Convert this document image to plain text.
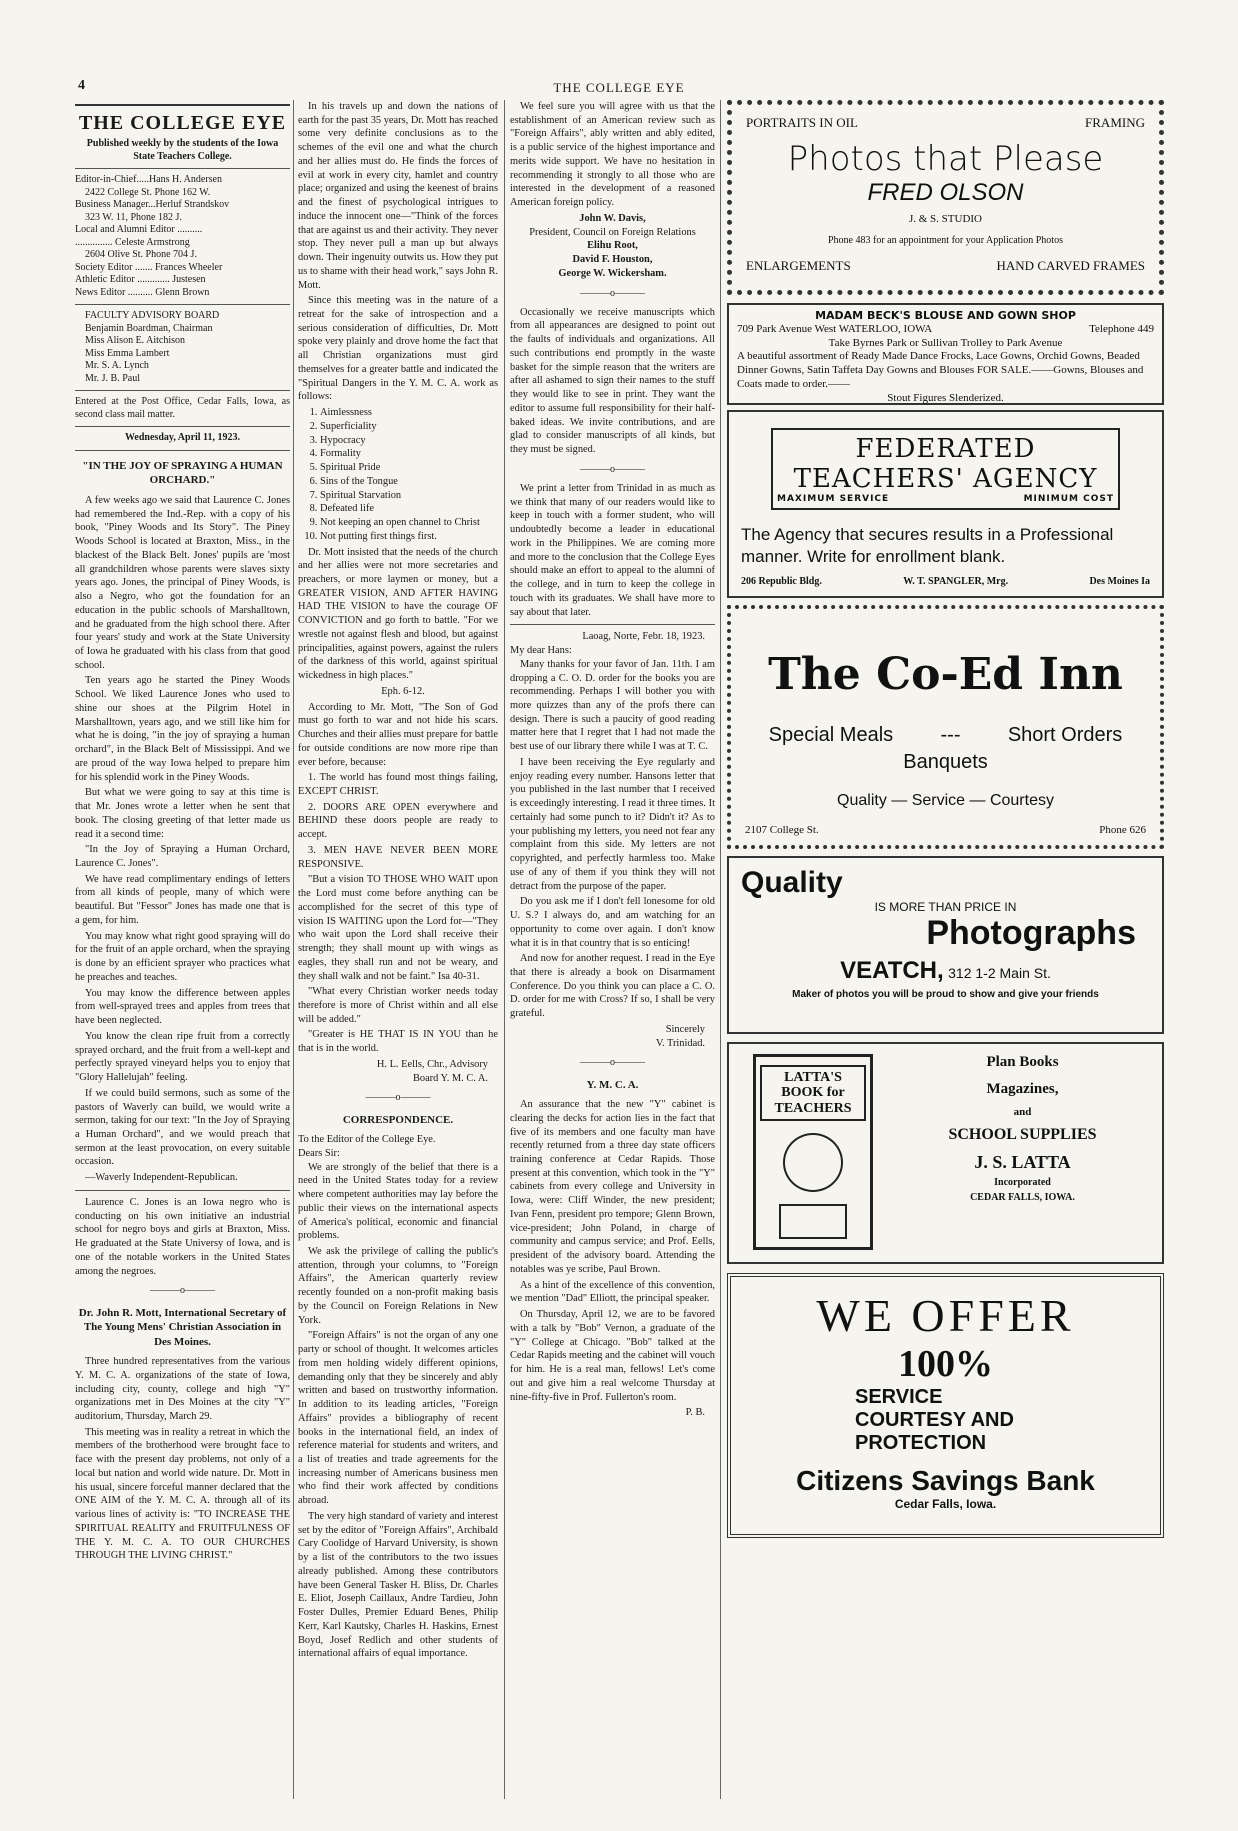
4	THE COLLEGE EYE
THE COLLEGE EYE
Published weekly by the students of the Iowa State Teachers College.
Editor-in-Chief.....Hans H. Andersen
2422 College St. Phone 162 W.
Business Manager...Herluf Strandskov
323 W. 11, Phone 182 J.
Local and Alumni Editor ..........
............... Celeste Armstrong
2604 Olive St. Phone 704 J.
Society Editor ....... Frances Wheeler
Athletic Editor ............. Justesen
News Editor .......... Glenn Brown
FACULTY ADVISORY BOARD
Benjamin Boardman, Chairman
Miss Alison E. Aitchison
Miss Emma Lambert
Mr. S. A. Lynch
Mr. J. B. Paul
Entered at the Post Office, Cedar Falls, Iowa, as second class mail matter.
Wednesday, April 11, 1923.
"IN THE JOY OF SPRAYING A HUMAN ORCHARD."

A few weeks ago we said that Laurence C. Jones had remembered the Ind.-Rep. with a copy of his book, "Piney Woods and Its Story". The Piney Woods School is located at Braxton, Miss., in the blackest of the Black Belt. Jones' pupils are 'most all grandchildren whose parents were slaves sixty years ago. Jones, the principal of Piney Woods, is also a Negro, who got the foundation for an education in the public schools of Marshalltown, and he graduated from the high school there. After four years' study and work at the State University of Iowa he graduated with his class from that good school.

Ten years ago he started the Piney Woods School. We liked Laurence Jones who used to shine our shoes at the Pilgrim Hotel in Marshalltown, years ago, and we still like him for what he is doing, "in the joy of spraying a human orchard", in the Black Belt of Mississippi. And we are proud of the way Iowa helped to prepare him for his splendid work in the Piney Woods.

But what we were going to say at this time is that Mr. Jones wrote a letter when he sent that book. The closing greeting of that letter made us read it a second time:

"In the Joy of Spraying a Human Orchard, Laurence C. Jones".

We have read complimentary endings of letters from all kinds of people, many of which were beautiful. But "Fessor" Jones has made one that is a gem, for him.

You may know what right good spraying will do for the fruit of an apple orchard, when the spraying is done by an efficient sprayer who practices what he preaches and teaches.

You may know the difference between apples from well-sprayed trees and apples from trees that have been neglected.

You know the clean ripe fruit from a correctly sprayed orchard, and the fruit from a well-kept and perfectly sprayed vineyard helps you to enjoy that "Glory Hallelujah" feeling.

If we could build sermons, such as some of the pastors of Waverly can build, we would write a sermon, taking for our text: "In the Joy of Spraying a Human Orchard", and we would preach that sermon at the least provocation, on every suitable occasion.

—Waverly Independent-Republican.

Laurence C. Jones is an Iowa negro who is conducting on his own initiative an industrial school for negro boys and girls at Braxton, Miss. He graduated at the State Universy of Iowa, and is one of the notable workers in the United States among the negroes.

———o———
Dr. John R. Mott, International Secretary of The Young Mens' Christian Association in Des Moines.

Three hundred representatives from the various Y. M. C. A. organizations of the state of Iowa, including city, county, college and high "Y" organizations met in Des Moines at the city "Y" auditorium, Thursday, March 29.

This meeting was in reality a retreat in which the members of the brotherhood were brought face to face with the present day problems, not only of a local but nation and world wide nature. Dr. Mott in his usual, sincere forceful manner declared that the ONE AIM of the Y. M. C. A. through all of its various lines of activity is: "TO INCREASE THE SPIRITUAL REALITY and FRUITFULNESS OF THE Y. M. C. A. TO OUR CHURCHES THROUGH THE LIVING CHRIST."

In his travels up and down the nations of earth for the past 35 years, Dr. Mott has reached some very definite conclusions as to the schemes of the evil one and what the church and her allies must do. He finds the forces of evil at work in every city, hamlet and country place; organized and using the keenest of brains and the finest of psychological intrigues to induce the innocent one—"Think of the forces that are against us and their activity. They never stop. They never pull a man up but always down. Their ingenuity outwits us. How they put us to shame with their head work," says John R. Mott.

Since this meeting was in the nature of a retreat for the sake of introspection and a serious consideration of difficulties, Dr. Mott spoke very plainly and drove home the fact that all Christian organizations must gird themselves for a greater battle and indicated the "Spiritual Dangers in the Y. M. C. A. work as follows:

1. Aimlessness
2. Superficiality
3. Hypocracy
4. Formality
5. Spiritual Pride
6. Sins of the Tongue
7. Spiritual Starvation
8. Defeated life
9. Not keeping an open channel to Christ
10. Not putting first things first.

Dr. Mott insisted that the needs of the church and her allies were not more secretaries and preachers, or more laymen or money, but a GREATER VISION, AND AFTER HAVING HAD THE VISION to have the courage OF CONVICTION and go forth to battle. "For we wrestle not against flesh and blood, but against principalities, against powers, against the rulers of the darkness of this world, against spiritual wickedness in high places."

Eph. 6-12.

According to Mr. Mott, "The Son of God must go forth to war and not hide his scars. Churches and their allies must prepare for battle for outside conditions are now more ripe than ever before, because:

1. The world has found most things failing, EXCEPT CHRIST.

2. DOORS ARE OPEN everywhere and BEHIND these doors people are ready to accept.

3. MEN HAVE NEVER BEEN MORE RESPONSIVE.

"But a vision TO THOSE WHO WAIT upon the Lord must come before anything can be accomplished for the secret of this type of vision IS WAITING upon the Lord for—"They who wait upon the Lord shall receive their strength; they shall mount up with wings as eagles, they shall run and not be weary, and they shall walk and not be faint." Isa 40-31.

"What every Christian worker needs today therefore is more of Christ within and all else will be added."

"Greater is HE THAT IS IN YOU than he that is in the world.

H. L. Eells, Chr., Advisory
Board Y. M. C. A.
———o———
CORRESPONDENCE.
To the Editor of the College Eye.
Dears Sir:

We are strongly of the belief that there is a need in the United States today for a review where competent authorities may lay before the public their views on the international aspects of America's political, economic and financial problems.

We ask the privilege of calling the public's attention, through your columns, to "Foreign Affairs", the American quarterly review recently founded on a non-profit making basis by the Council on Foreign Relations in New York.

"Foreign Affairs" is not the organ of any one party or school of thought. It welcomes articles from men holding widely different opinions, demanding only that they be sincerely and ably written and based on trustworthy information. In addition to its leading articles, "Foreign Affairs" provides a bibliography of recent books in the international field, an index of reference material for students and writers, and a list of treaties and trade agreements for the increasing number of Americans business men who find their work affected by conditions abroad.

The very high standard of variety and interest set by the editor of "Foreign Affairs", Archibald Cary Coolidge of Harvard University, is shown by a list of the contributors to the two issues already published. Among these contributors have been General Tasker H. Bliss, Dr. Charles E. Eliot, Joseph Caillaux, Andre Tardieu, John Foster Dulles, Premier Eduard Benes, Philip Kerr, Karl Kautsky, Charles H. Haskins, Ernest Boyd, Josef Redlich and other students of international affairs of equal importance.

We feel sure you will agree with us that the establishment of an American review such as "Foreign Affairs", ably written and ably edited, is a public service of the highest importance and merits wide support. We have no hesitation in recommending it strongly to all those who are interested in the development of a reasoned American foreign policy.

John W. Davis,
President, Council on Foreign Relations
Elihu Root,
David F. Houston,
George W. Wickersham.
———o———

Occasionally we receive manuscripts which from all appearances are designed to point out the faults of individuals and organizations. All such contributions end promptly in the waste basket for the simple reason that the writers are after all ashamed to sign their names to the stuff they would like to see in print. They want the editor to assume full responsibility for their half-baked ideas. We invite contributions, and are glad to consider manuscripts of all kinds, but they must be signed.

———o———

We print a letter from Trinidad in as much as we think that many of our readers would like to keep in touch with a former student, who will undoubtedly become a leader in educational work in the Philippines. We are coming more and more to the conclusion that the College Eyes should make an effort to appeal to the alumni of the college, and in turn to keep the college in touch with its graduates. We shall have more to say about that later.

Laoag, Norte, Febr. 18, 1923.
My dear Hans:

Many thanks for your favor of Jan. 11th. I am dropping a C. O. D. order for the books you are recommending. Perhaps I will bother you with more quizzes than any of the profs there can design. There is such a paucity of good reading matter here that I regret that I had not made the best use of our library there while I was at T. C.

I have been receiving the Eye regularly and enjoy reading every number. Hansons letter that you published in the last number that I received is exceedingly interesting. I read it three times. It certainly had some punch to it? Didn't it? As to your publishing my letters, you need not fear any complaint from this side. My letters are not copyrighted, and perfectly harmless too. Make use of any of them if you think they will not detract from the purpose of the paper.

Do you ask me if I don't fell lonesome for old U. S.? I always do, and am watching for an opportunity to come over again. I don't know what it is in that country that is so enticing!

And now for another request. I read in the Eye that there is already a book on Disarmament Conference. Do you think you can place a C. O. D. order for me with Cross? If so, I shall be very grateful.

Sincerely
V. Trinidad.
———o———
Y. M. C. A.

An assurance that the new "Y" cabinet is clearing the decks for action lies in the fact that five of its members and one faculty man have recently returned from a three day state officers training conference at Cedar Rapids. Those present at this convention, which took in the "Y" cabinets from every college and University in Iowa, were: Cliff Winder, the new president; Ivan Fenn, president pro tempore; Glenn Brown, vice-president; John Poland, in charge of community and campus service; and Prof. Eells, president of the advisory board. Attending the notables was ye scribe, Paul Brown.

As a hint of the excellence of this convention, we mention "Dad" Elliott, the principal speaker.

On Thursday, April 12, we are to be favored with a talk by "Bob" Vernon, a graduate of the "Y" College at Chicago. "Bob" talked at the Cedar Rapids meeting and the cabinet will vouch for him. He is a real man, fellows! Let's come out and give him a real welcome Thursday at nine-fifty-five in Prof. Fullerton's room.

P. B.
PORTRAITS IN OIL	FRAMING
Photos that Please
FRED OLSON
J. & S. STUDIO
Phone 483 for an appointment for your Application Photos
ENLARGEMENTS	HAND CARVED FRAMES
MADAM BECK'S BLOUSE AND GOWN SHOP
709 Park Avenue West WATERLOO, IOWA	Telephone 449
Take Byrnes Park or Sullivan Trolley to Park Avenue
A beautiful assortment of Ready Made Dance Frocks, Lace Gowns, Orchid Gowns, Beaded Dinner Gowns, Satin Taffeta Day Gowns and Blouses FOR SALE.——Gowns, Blouses and Coats made to order.——
Stout Figures Slenderized.
FEDERATED TEACHERS' AGENCY
MAXIMUM SERVICE	MINIMUM COST
The Agency that secures results in a Professional manner. Write for enrollment blank.
206 Republic Bldg.	W. T. SPANGLER, Mrg.	Des Moines Ia
The Co-Ed Inn
Special Meals --- Short Orders
Banquets
Quality — Service — Courtesy
2107 College St.	Phone 626
Quality
IS MORE THAN PRICE IN
Photographs
VEATCH, 312 1-2 Main St.
Maker of photos you will be proud to show and give your friends
LATTA'S BOOK for TEACHERS
Plan Books
Magazines,
and
SCHOOL SUPPLIES
J. S. LATTA
Incorporated
CEDAR FALLS, IOWA.
WE OFFER
100%
SERVICE
COURTESY AND
PROTECTION
Citizens Savings Bank
Cedar Falls, Iowa.
